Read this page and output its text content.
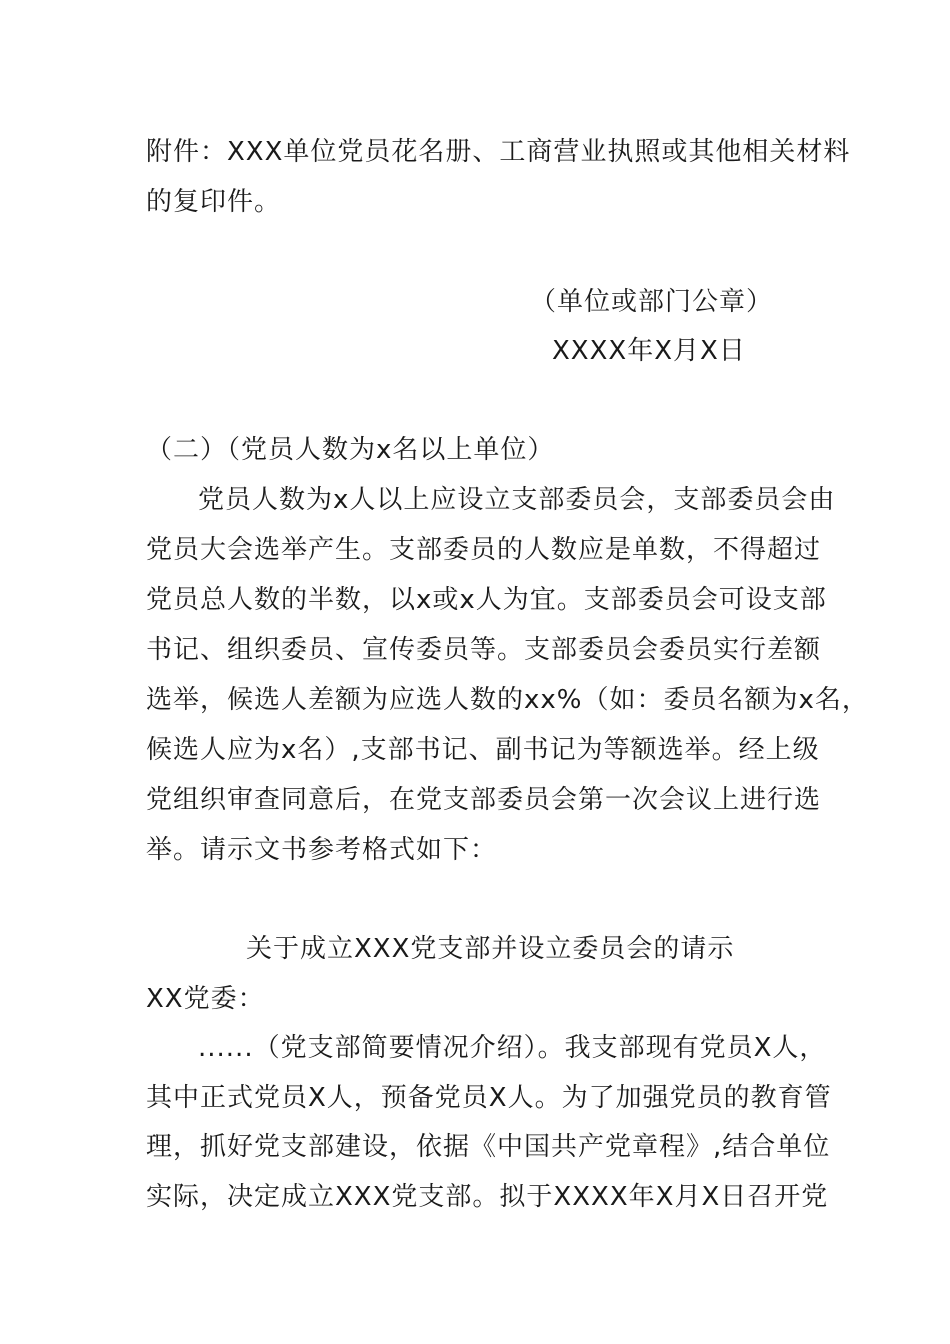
附件：XXX单位党员花名册、工商营业执照或其他相关材料
的复印件。
（单位或部门公章）
XXXX年X月X日
（二）（党员人数为x名以上单位）
党员人数为x人以上应设立支部委员会，支部委员会由
党员大会选举产生。支部委员的人数应是单数，不得超过
党员总人数的半数，以x或x人为宜。支部委员会可设支部
书记、组织委员、宣传委员等。支部委员会委员实行差额
选举，候选人差额为应选人数的xx%（如：委员名额为x名，
候选人应为x名）,支部书记、副书记为等额选举。经上级
党组织审查同意后，在党支部委员会第一次会议上进行选
举。请示文书参考格式如下：
关于成立XXX党支部并设立委员会的请示
XX党委：
......（党支部简要情况介绍）。我支部现有党员X人，
其中正式党员X人，预备党员X人。为了加强党员的教育管
理，抓好党支部建设，依据《中国共产党章程》,结合单位
实际，决定成立XXX党支部。拟于XXXX年X月X日召开党
